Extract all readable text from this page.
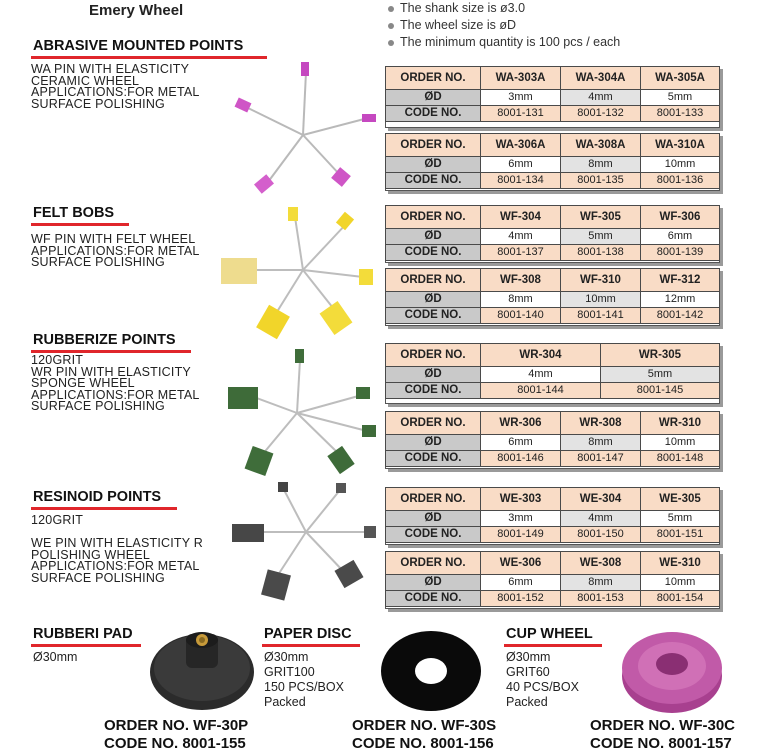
Emery Wheel	The shank size is ø3.0
The wheel size is øD
The minimum quantity is 100 pcs / each
ABRASIVE MOUNTED POINTS
WA PIN WITH ELASTICITY
CERAMIC WHEEL
APPLICATIONS:FOR METAL
SURFACE POLISHING
ORDER NO.	WA-303A	WA-304A	WA-305A
ØD	3mm	4mm	5mm
CODE NO.	8001-131	8001-132	8001-133
ORDER NO.	WA-306A	WA-308A	WA-310A
ØD	6mm	8mm	10mm
CODE NO.	8001-134	8001-135	8001-136
FELT BOBS
WF PIN WITH FELT WHEEL
APPLICATIONS:FOR METAL
SURFACE POLISHING
ORDER NO.	WF-304	WF-305	WF-306
ØD	4mm	5mm	6mm
CODE NO.	8001-137	8001-138	8001-139
ORDER NO.	WF-308	WF-310	WF-312
ØD	8mm	10mm	12mm
CODE NO.	8001-140	8001-141	8001-142
RUBBERIZE POINTS
120GRIT
WR PIN WITH ELASTICITY
SPONGE WHEEL
APPLICATIONS:FOR METAL
SURFACE POLISHING
ORDER NO.	WR-304	WR-305
ØD	4mm	5mm
CODE NO.	8001-144	8001-145
ORDER NO.	WR-306	WR-308	WR-310
ØD	6mm	8mm	10mm
CODE NO.	8001-146	8001-147	8001-148
RESINOID POINTS
120GRIT

WE PIN WITH ELASTICITY R
POLISHING WHEEL
APPLICATIONS:FOR METAL
SURFACE POLISHING
ORDER NO.	WE-303	WE-304	WE-305
ØD	3mm	4mm	5mm
CODE NO.	8001-149	8001-150	8001-151
ORDER NO.	WE-306	WE-308	WE-310
ØD	6mm	8mm	10mm
CODE NO.	8001-152	8001-153	8001-154
RUBBERI PAD
Ø30mm
ORDER NO. WF-30P
CODE NO. 8001-155
PAPER DISC
Ø30mm
GRIT100
150 PCS/BOX
Packed
ORDER NO. WF-30S
CODE NO. 8001-156
CUP WHEEL
Ø30mm
GRIT60
40 PCS/BOX
Packed
ORDER NO. WF-30C
CODE NO. 8001-157
